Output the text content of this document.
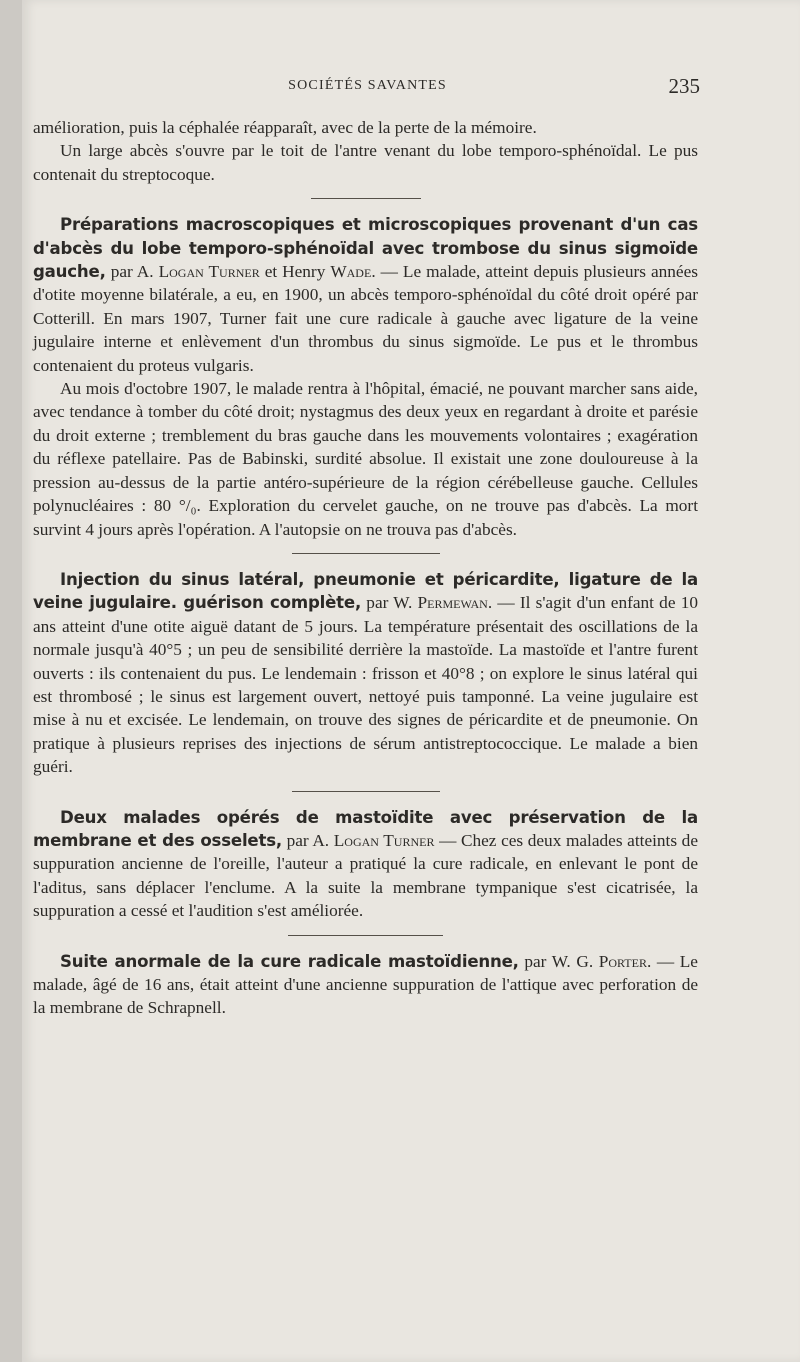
SOCIÉTÉS SAVANTES	235

amélioration, puis la céphalée réapparaît, avec de la perte de la mémoire.

Un large abcès s'ouvre par le toit de l'antre venant du lobe temporo-sphénoïdal. Le pus contenait du streptocoque.

Préparations macroscopiques et microscopiques provenant d'un cas d'abcès du lobe temporo-sphénoïdal avec trombose du sinus sigmoïde gauche, par A. Logan Turner et Henry Wade. — Le malade, atteint depuis plusieurs années d'otite moyenne bilatérale, a eu, en 1900, un abcès temporo-sphénoïdal du côté droit opéré par Cotterill. En mars 1907, Turner fait une cure radicale à gauche avec ligature de la veine jugulaire interne et enlèvement d'un thrombus du sinus sigmoïde. Le pus et le thrombus contenaient du proteus vulgaris.

Au mois d'octobre 1907, le malade rentra à l'hôpital, émacié, ne pouvant marcher sans aide, avec tendance à tomber du côté droit; nystagmus des deux yeux en regardant à droite et parésie du droit externe ; tremblement du bras gauche dans les mouvements volontaires ; exagération du réflexe patellaire. Pas de Babinski, surdité absolue. Il existait une zone douloureuse à la pression au-dessus de la partie antéro-supérieure de la région cérébelleuse gauche. Cellules polynucléaires : 80 °/₀. Exploration du cervelet gauche, on ne trouve pas d'abcès. La mort survint 4 jours après l'opération. A l'autopsie on ne trouva pas d'abcès.

Injection du sinus latéral, pneumonie et péricardite, ligature de la veine jugulaire. guérison complète, par W. Permewan. — Il s'agit d'un enfant de 10 ans atteint d'une otite aiguë datant de 5 jours. La température présentait des oscillations de la normale jusqu'à 40°5 ; un peu de sensibilité derrière la mastoïde. La mastoïde et l'antre furent ouverts : ils contenaient du pus. Le lendemain : frisson et 40°8 ; on explore le sinus latéral qui est thrombosé ; le sinus est largement ouvert, nettoyé puis tamponné. La veine jugulaire est mise à nu et excisée. Le lendemain, on trouve des signes de péricardite et de pneumonie. On pratique à plusieurs reprises des injections de sérum antistreptococcique. Le malade a bien guéri.

Deux malades opérés de mastoïdite avec préservation de la membrane et des osselets, par A. Logan Turner — Chez ces deux malades atteints de suppuration ancienne de l'oreille, l'auteur a pratiqué la cure radicale, en enlevant le pont de l'aditus, sans déplacer l'enclume. A la suite la membrane tympanique s'est cicatrisée, la suppuration a cessé et l'audition s'est améliorée.

Suite anormale de la cure radicale mastoïdienne, par W. G. Porter. — Le malade, âgé de 16 ans, était atteint d'une ancienne suppuration de l'attique avec perforation de la membrane de Schrapnell.
